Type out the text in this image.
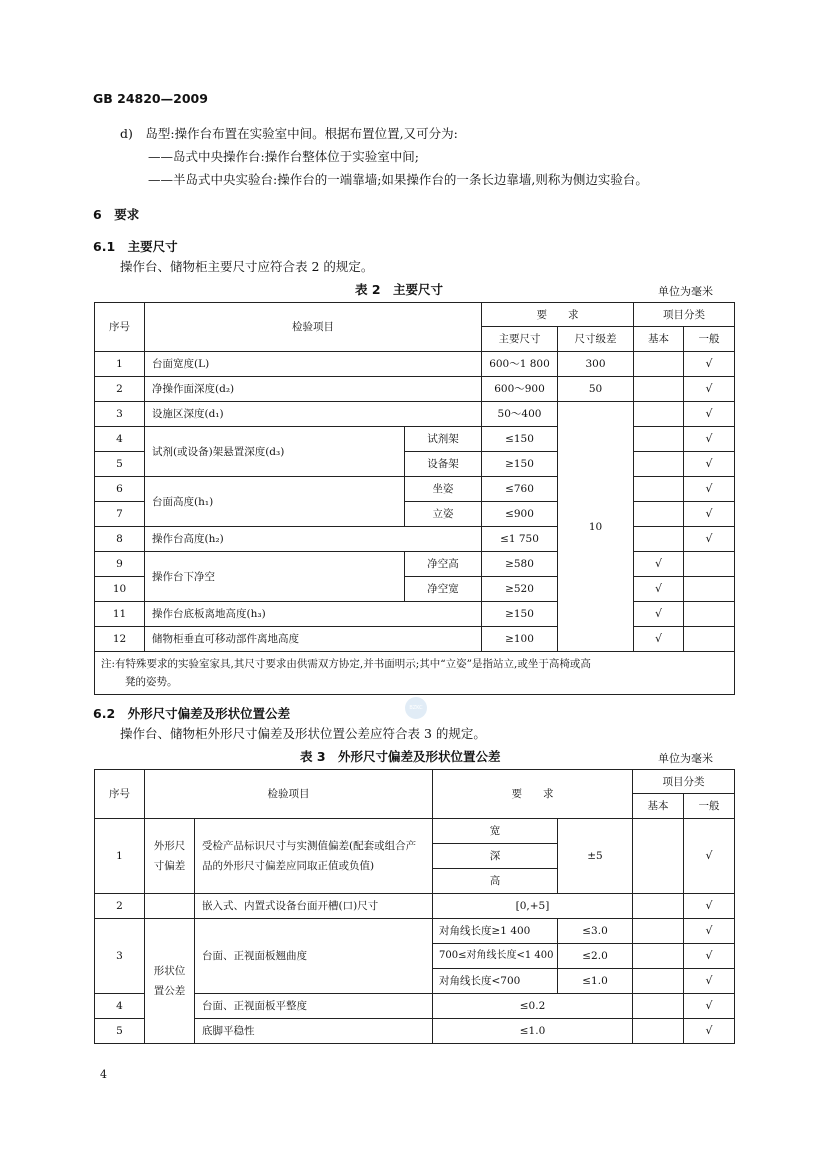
GB 24820—2009
d)　岛型:操作台布置在实验室中间。根据布置位置,又可分为:
——岛式中央操作台:操作台整体位于实验室中间;
——半岛式中央实验台:操作台的一端靠墙;如果操作台的一条长边靠墙,则称为侧边实验台。
6　要求
6.1　主要尺寸
操作台、储物柜主要尺寸应符合表 2 的规定。
表 2　主要尺寸	单位为毫米
序号	检验项目		要　　求		项目分类	
			主要尺寸	尺寸级差	基本	一般
1	台面宽度(L)		600～1 800	300		√
2	净操作面深度(d₂)		600～900	50		√
3	设施区深度(d₁)		50～400	10		√
4	试剂(或设备)架悬置深度(d₃)	试剂架	≤150			√
5		设备架	≥150			√
6	台面高度(h₁)	坐姿	≤760			√
7		立姿	≤900			√
8	操作台高度(h₂)		≤1 750			√
9	操作台下净空	净空高	≥580		√	
10		净空宽	≥520		√	
11	操作台底板离地高度(h₃)		≥150		√	
12	储物柜垂直可移动部件离地高度		≥100		√	

注:有特殊要求的实验室家具,其尺寸要求由供需双方协定,并书面明示;其中“立姿”是指站立,或坐于高椅或高
凳的姿势。						
BZKC
6.2　外形尺寸偏差及形状位置公差
操作台、储物柜外形尺寸偏差及形状位置公差应符合表 3 的规定。
表 3　外形尺寸偏差及形状位置公差	单位为毫米
序号	检验项目		要　　求		项目分类	
					基本	一般
1	外形尺寸偏差	受检产品标识尺寸与实测值偏差(配套或组合产品的外形尺寸偏差应同取正值或负值)	宽	±5		√
			深			
			高			
2		嵌入式、内置式设备台面开槽(口)尺寸	[0,+5]			√
3	形状位置公差	台面、正视面板翘曲度	对角线长度≥1 400	≤3.0		√
			700≤对角线长度<1 400	≤2.0		√
			对角线长度<700	≤1.0		√
4		台面、正视面板平整度	≤0.2			√
5		底脚平稳性	≤1.0			√
4
